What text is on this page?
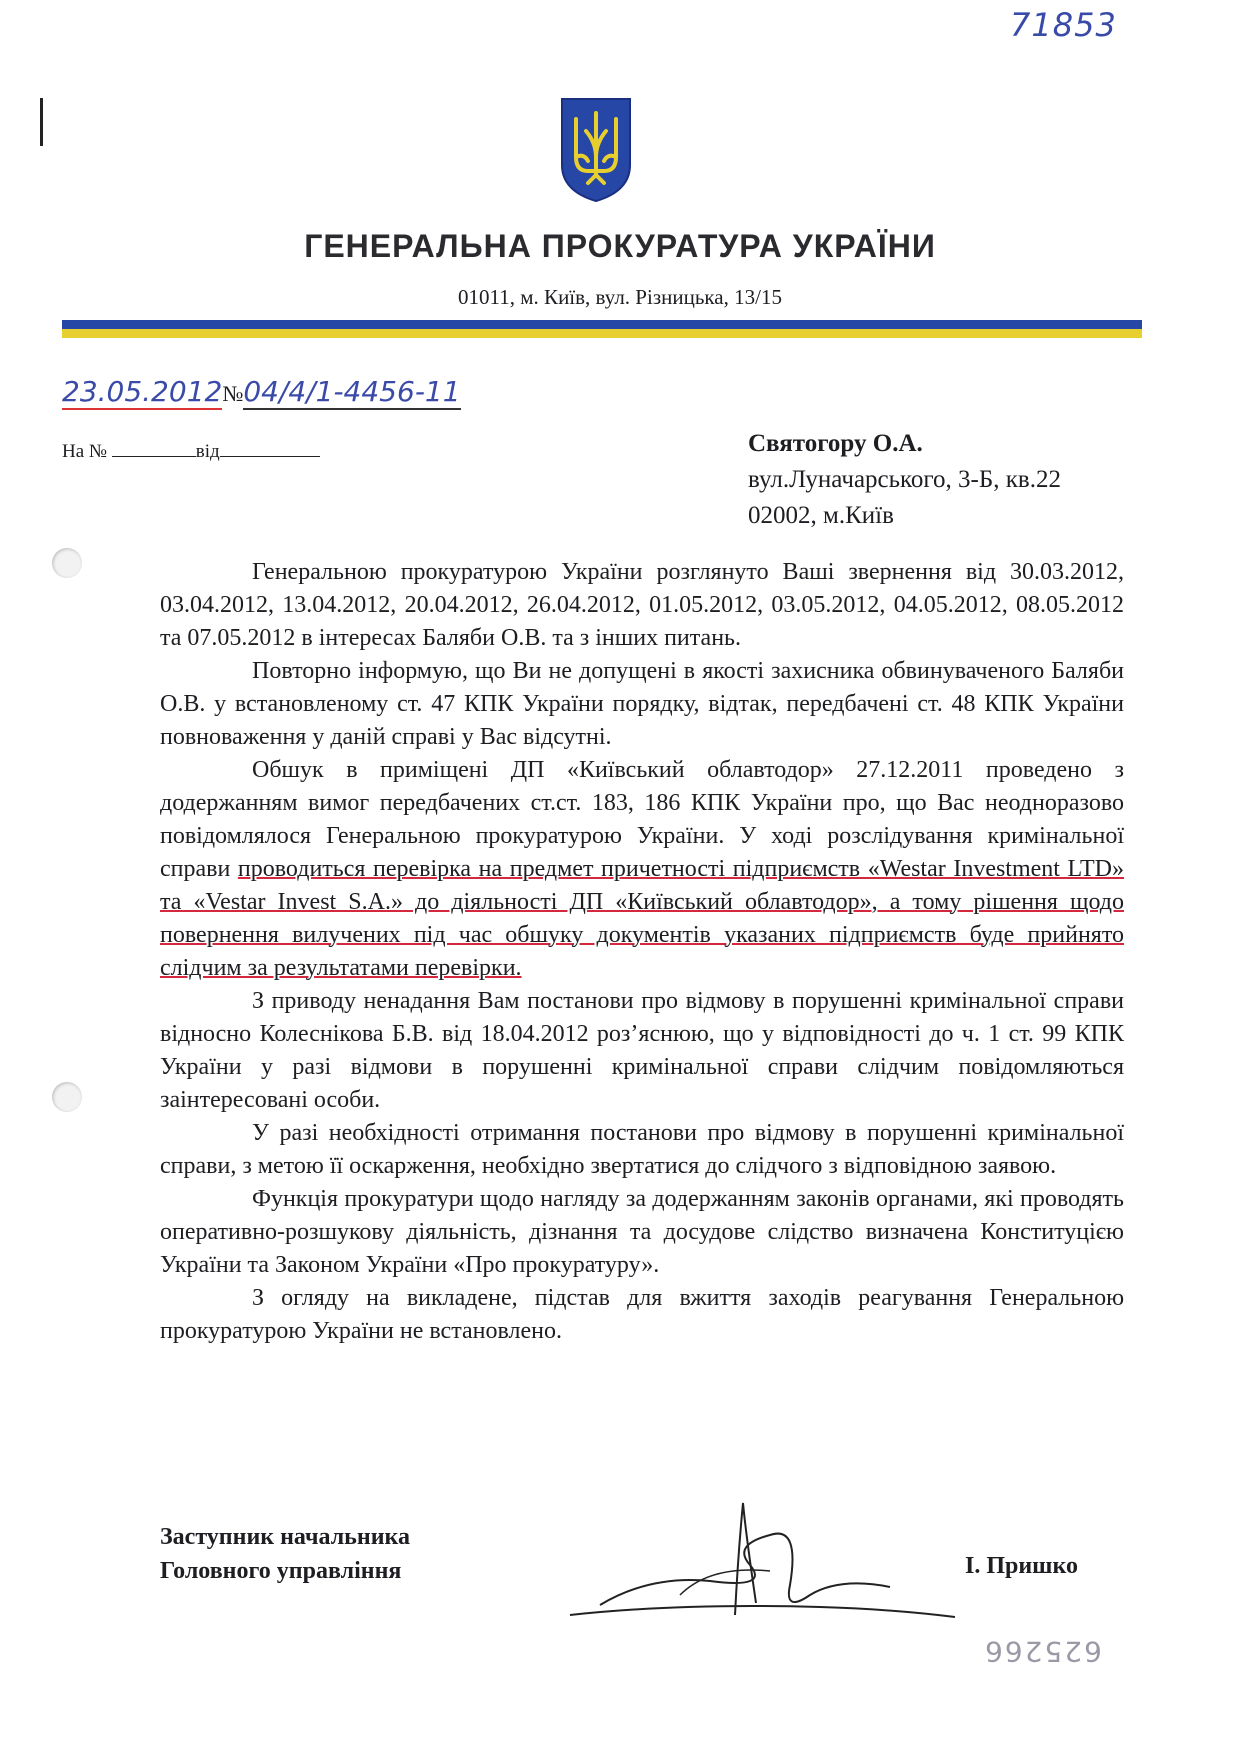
71853
ГЕНЕРАЛЬНА ПРОКУРАТУРА УКРАЇНИ
01011, м. Київ, вул. Різницька, 13/15
23.05.2012№04/4/1-4456-11
На №	від	Святогору О.А.
вул.Луначарського, 3-Б, кв.22
02002, м.Київ

Генеральною прокуратурою України розглянуто Ваші звернення від 30.03.2012, 03.04.2012, 13.04.2012, 20.04.2012, 26.04.2012, 01.05.2012, 03.05.2012, 04.05.2012, 08.05.2012 та 07.05.2012 в інтересах Баляби О.В. та з інших питань.

Повторно інформую, що Ви не допущені в якості захисника обвинуваченого Баляби О.В. у встановленому ст. 47 КПК України порядку, відтак, передбачені ст. 48 КПК України повноваження у даній справі у Вас відсутні.

Обшук в приміщені ДП «Київський облавтодор» 27.12.2011 проведено з додержанням вимог передбачених ст.ст. 183, 186 КПК України про, що Вас неодноразово повідомлялося Генеральною прокуратурою України. У ході розслідування кримінальної справи проводиться перевірка на предмет причетності підприємств «Westar Investment LTD» та «Vestar Invest S.A.» до діяльності ДП «Київський облавтодор», а тому рішення щодо повернення вилучених під час обшуку документів указаних підприємств буде прийнято слідчим за результатами перевірки.

З приводу ненадання Вам постанови про відмову в порушенні кримінальної справи відносно Колеснікова Б.В. від 18.04.2012 роз’яснюю, що у відповідності до ч. 1 ст. 99 КПК України у разі відмови в порушенні кримінальної справи слідчим повідомляються заінтересовані особи.

У разі необхідності отримання постанови про відмову в порушенні кримінальної справи, з метою її оскарження, необхідно звертатися до слідчого з відповідною заявою.

Функція прокуратури щодо нагляду за додержанням законів органами, які проводять оперативно-розшукову діяльність, дізнання та досудове слідство визначена Конституцією України та Законом України «Про прокуратуру».

З огляду на викладене, підстав для вжиття заходів реагування Генеральною прокуратурою України не встановлено.

Заступник начальника
Головного управління	І. Пришко
625266
